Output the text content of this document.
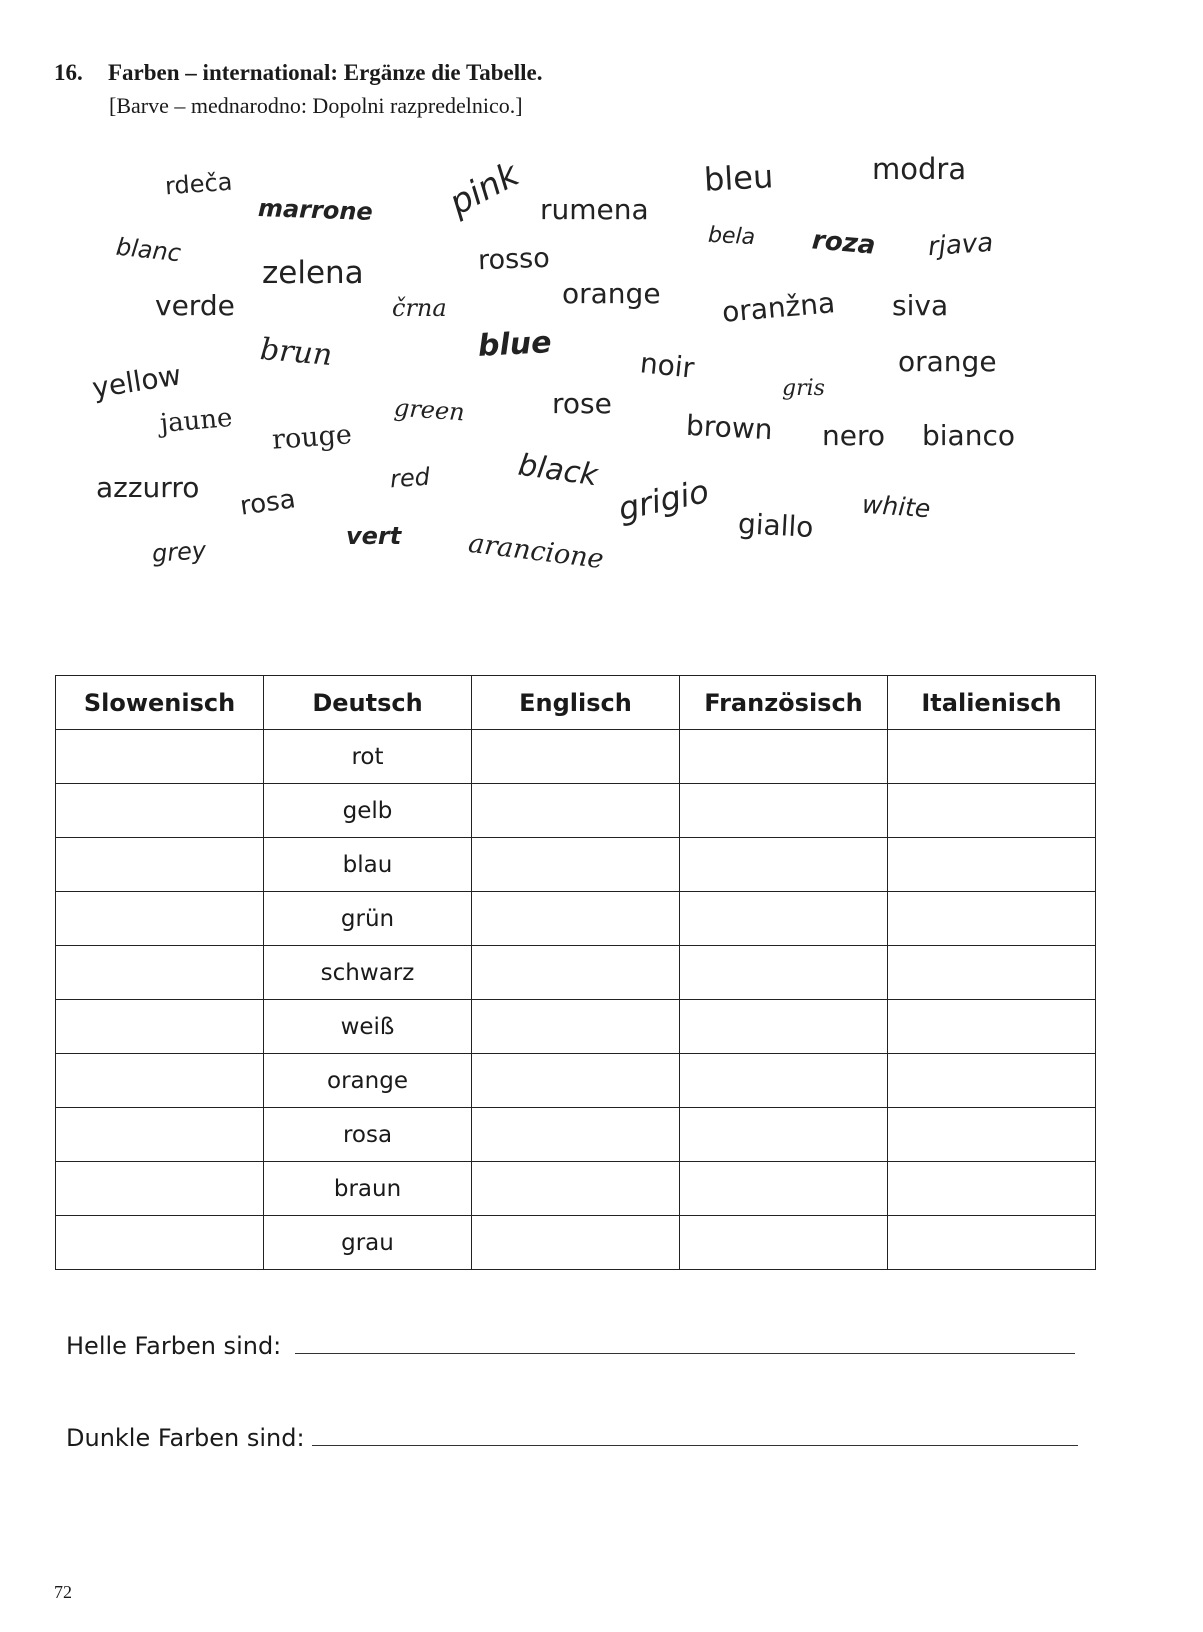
16. Farben – international: Ergänze die Tabelle.
[Barve – mednarodno: Dopolni razpredelnico.]
rdeča
marrone pink rumena
bleu	modra
blanc
zelena	rosso
bela roza rjava
verde	črna	orange oranžna siva
brun	blue
noir	orange
yellow	gris
jaune	green	rose
rouge	brown nero bianco
azzurro	red	black
grigio
rosa	white
giallo
grey
vert arancione
Slowenisch	Deutsch	Englisch	Französisch	Italienisch
	rot			
	gelb			
	blau			
	grün			
	schwarz			
	weiß			
	orange			
	rosa			
	braun			
	grau			
Helle Farben sind:
Dunkle Farben sind:
72
